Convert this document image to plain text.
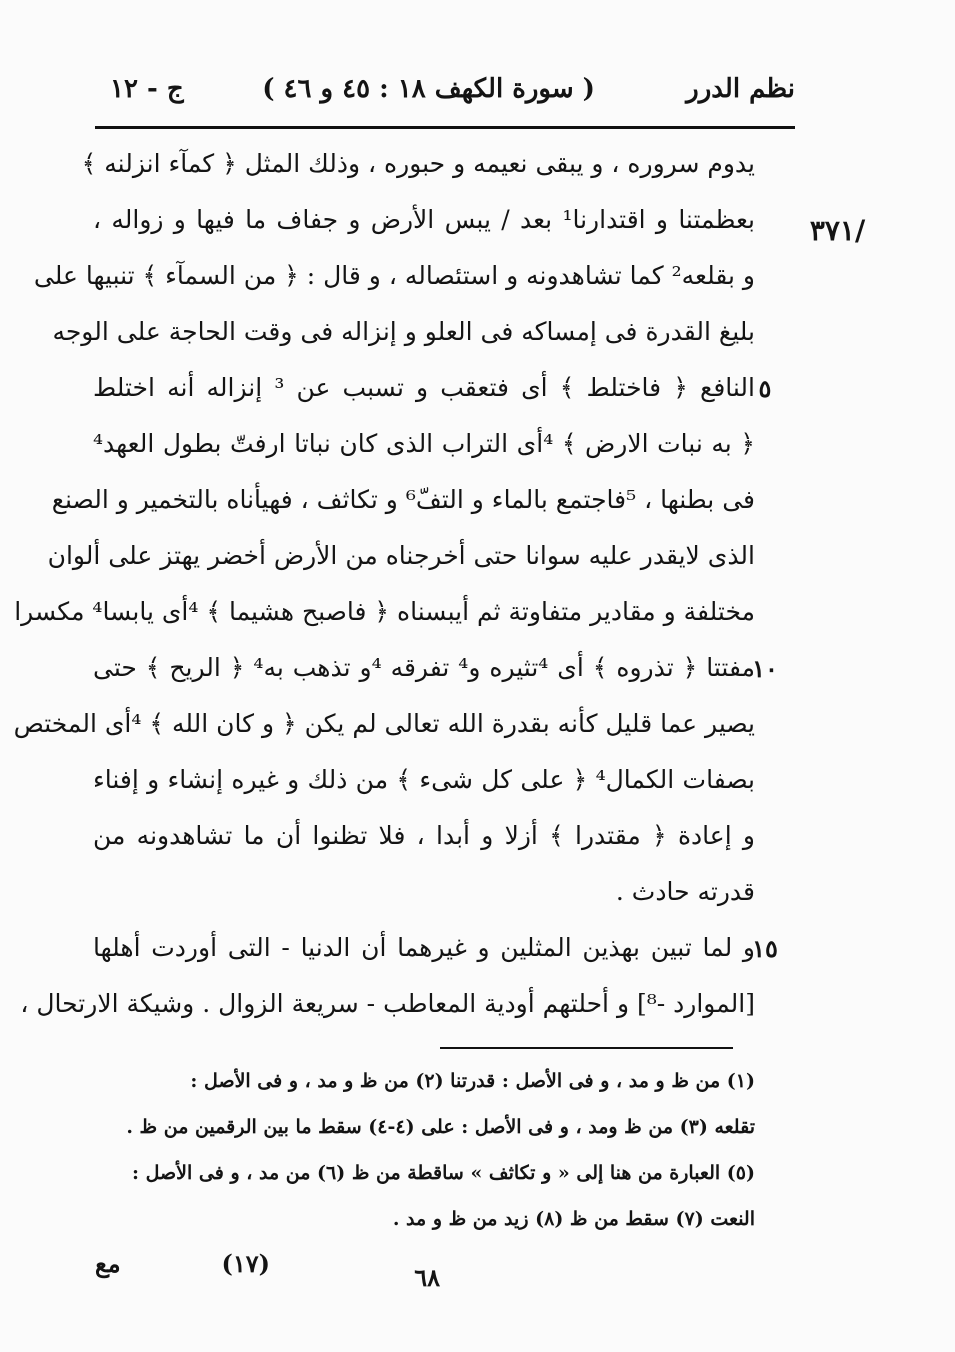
نظم الدرر
( سورة الكهف ١٨ : ٤٥ و ٤٦ )
ج - ١٢
/٣٧١
٥
١٠
١٥
يدوم سروره ، و يبقى نعيمه و حبوره ، وذلك المثل ﴿ كمآء انزلنه ﴾
بعظمتنا و اقتدارنا¹ بعد / يبس الأرض و جفاف ما فيها و زواله ،
و بقلعه² كما تشاهدونه و استئصاله ، و قال : ﴿ من السمآء ﴾ تنبيها على
بليغ القدرة فى إمساكه فى العلو و إنزاله فى وقت الحاجة على الوجه
النافع ﴿ فاختلط ﴾ أى فتعقب و تسبب عن ³ إنزاله أنه اختلط
﴿ به نبات الارض ﴾ ⁴أى التراب الذى كان نباتا ارفتّ بطول العهد⁴
فى بطنها ، ⁵فاجتمع بالماء و التفّ⁶ و تكاثف ، فهيأناه بالتخمير و الصنع
الذى لايقدر عليه سوانا حتى أخرجناه من الأرض أخضر يهتز على ألوان
مختلفة و مقادير متفاوتة ثم أيبسناه ﴿ فاصبح هشيما ﴾ ⁴أى يابسا⁴ مكسرا
مفتتا ﴿ تذروه ﴾ أى ⁴تثيره و⁴ تفرقه ⁴و تذهب به⁴ ﴿ الريح ﴾ حتى
يصير عما قليل كأنه بقدرة الله تعالى لم يكن ﴿ و كان الله ﴾ ⁴أى المختص
بصفات الكمال⁴ ﴿ على كل شىء ﴾ من ذلك و غيره إنشاء و إفناء
و إعادة ﴿ مقتدرا ﴾ أزلا و أبدا ، فلا تظنوا أن ما تشاهدونه من
قدرته حادث .
و لما تبين بهذين المثلين و غيرهما أن الدنيا - التى أوردت أهلها
[الموارد -⁸] و أحلتهم أودية المعاطب - سريعة الزوال . وشيكة الارتحال ،
(١) من ظ و مد ، و فى الأصل : قدرتنا (٢) من ظ و مد ، و فى الأصل :
تقلعه (٣) من ظ ومد ، و فى الأصل : على (٤-٤) سقط ما بين الرقمين من ظ .
(٥) العبارة من هنا إلى « و تكاثف » ساقطة من ظ (٦) من مد ، و فى الأصل :
النعت (٧) سقط من ظ (٨) زيد من ظ و مد .
٦٨
(١٧)
مع
